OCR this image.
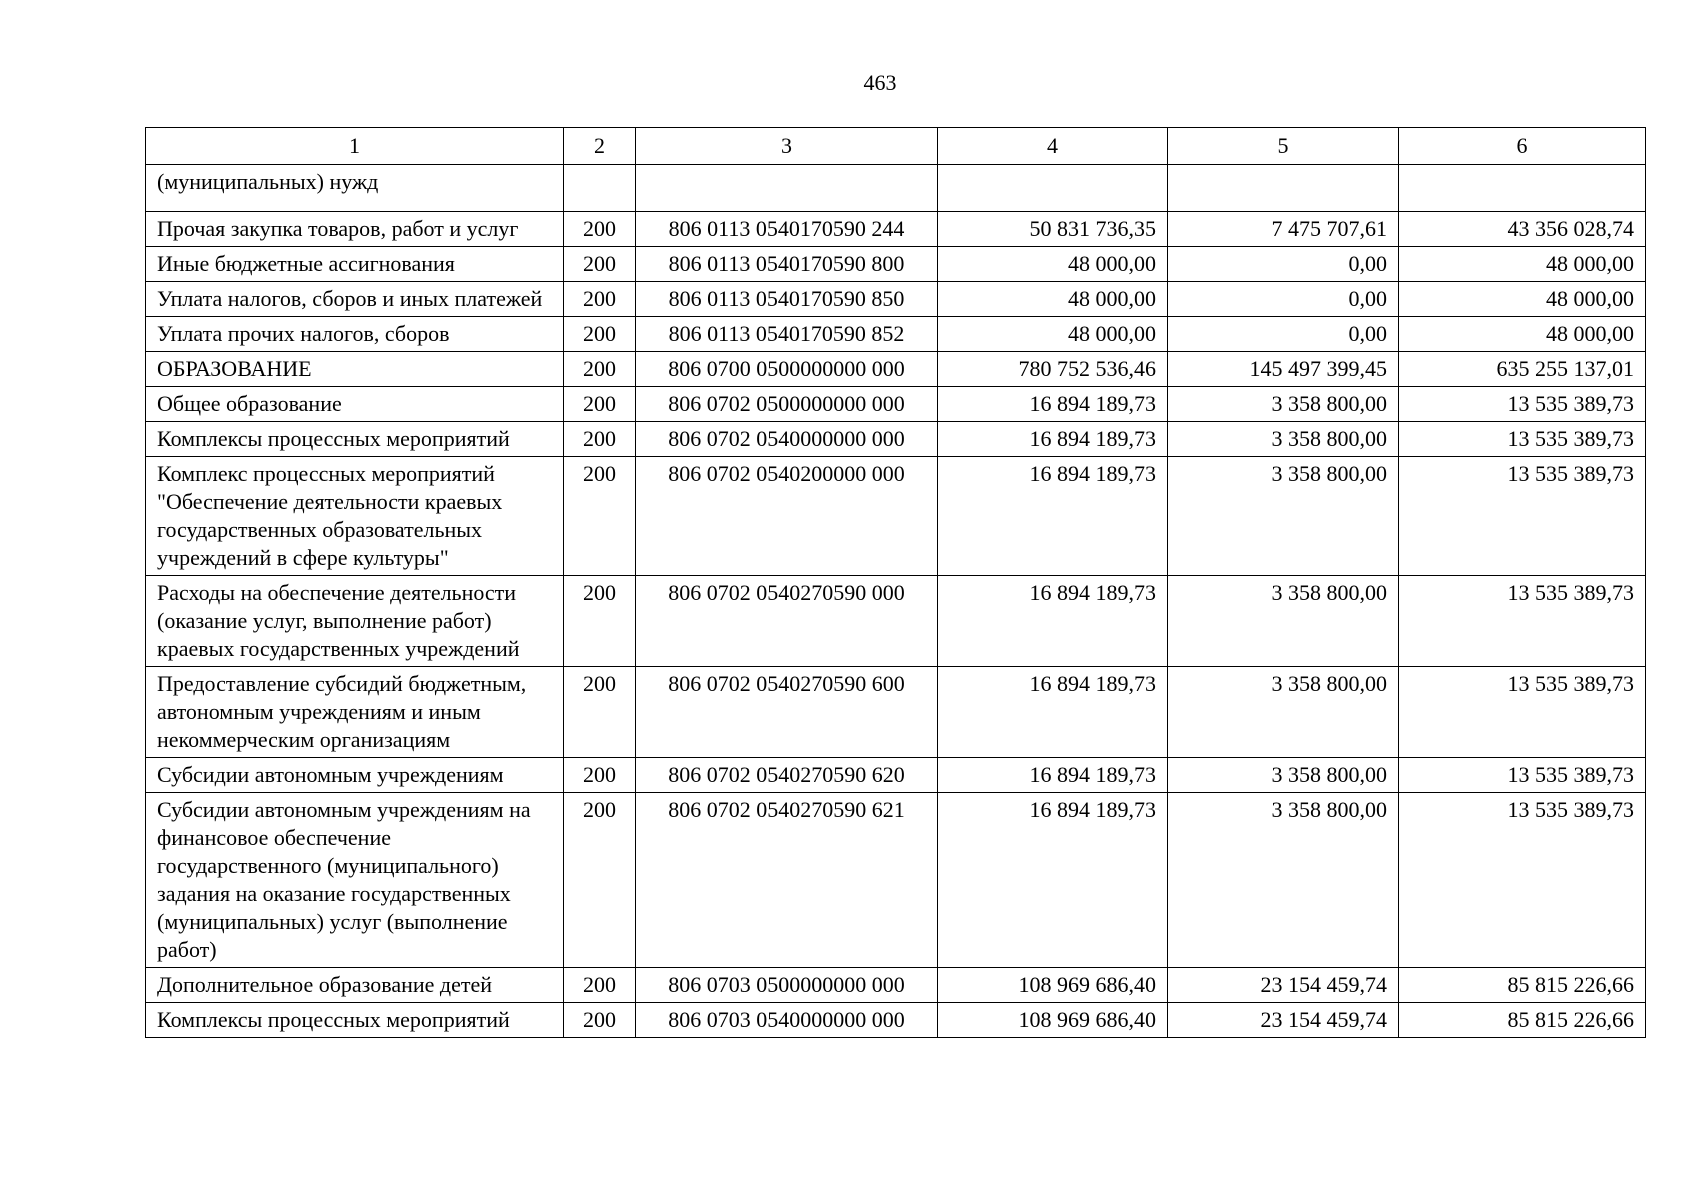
463
1	2	3	4	5	6
(муниципальных) нужд					
Прочая закупка товаров, работ и услуг	200	806 0113 0540170590 244	50 831 736,35	7 475 707,61	43 356 028,74
Иные бюджетные ассигнования	200	806 0113 0540170590 800	48 000,00	0,00	48 000,00
Уплата налогов, сборов и иных платежей	200	806 0113 0540170590 850	48 000,00	0,00	48 000,00
Уплата прочих налогов, сборов	200	806 0113 0540170590 852	48 000,00	0,00	48 000,00
ОБРАЗОВАНИЕ	200	806 0700 0500000000 000	780 752 536,46	145 497 399,45	635 255 137,01
Общее образование	200	806 0702 0500000000 000	16 894 189,73	3 358 800,00	13 535 389,73
Комплексы процессных мероприятий	200	806 0702 0540000000 000	16 894 189,73	3 358 800,00	13 535 389,73
Комплекс процессных мероприятий "Обеспечение деятельности краевых государственных образовательных учреждений в сфере культуры"	200	806 0702 0540200000 000	16 894 189,73	3 358 800,00	13 535 389,73
Расходы на обеспечение деятельности (оказание услуг, выполнение работ) краевых государственных учреждений	200	806 0702 0540270590 000	16 894 189,73	3 358 800,00	13 535 389,73
Предоставление субсидий бюджетным, автономным учреждениям и иным некоммерческим организациям	200	806 0702 0540270590 600	16 894 189,73	3 358 800,00	13 535 389,73
Субсидии автономным учреждениям	200	806 0702 0540270590 620	16 894 189,73	3 358 800,00	13 535 389,73
Субсидии автономным учреждениям на финансовое обеспечение государственного (муниципального) задания на оказание государственных (муниципальных) услуг (выполнение работ)	200	806 0702 0540270590 621	16 894 189,73	3 358 800,00	13 535 389,73
Дополнительное образование детей	200	806 0703 0500000000 000	108 969 686,40	23 154 459,74	85 815 226,66
Комплексы процессных мероприятий	200	806 0703 0540000000 000	108 969 686,40	23 154 459,74	85 815 226,66
